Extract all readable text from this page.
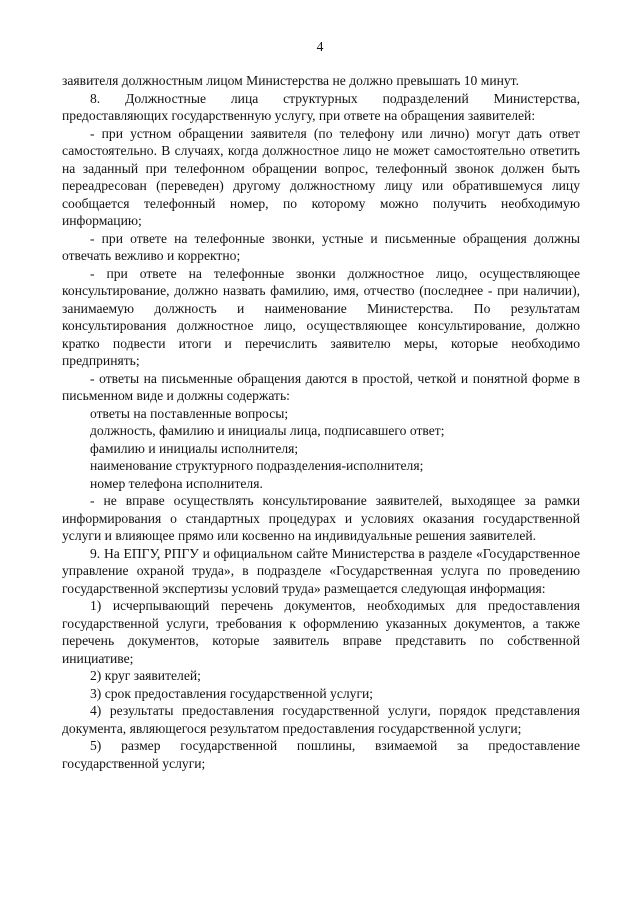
4

заявителя должностным лицом Министерства не должно превышать 10 минут.

8. Должностные лица структурных подразделений Министерства, предоставляющих государственную услугу, при ответе на обращения заявителей:

- при устном обращении заявителя (по телефону или лично) могут дать ответ самостоятельно. В случаях, когда должностное лицо не может самостоятельно ответить на заданный при телефонном обращении вопрос, телефонный звонок должен быть переадресован (переведен) другому должностному лицу или обратившемуся лицу сообщается телефонный номер, по которому можно получить необходимую информацию;

- при ответе на телефонные звонки, устные и письменные обращения должны отвечать вежливо и корректно;

- при ответе на телефонные звонки должностное лицо, осуществляющее консультирование, должно назвать фамилию, имя, отчество (последнее - при наличии), занимаемую должность и наименование Министерства. По результатам консультирования должностное лицо, осуществляющее консультирование, должно кратко подвести итоги и перечислить заявителю меры, которые необходимо предпринять;

- ответы на письменные обращения даются в простой, четкой и понятной форме в письменном виде и должны содержать:

ответы на поставленные вопросы;

должность, фамилию и инициалы лица, подписавшего ответ;

фамилию и инициалы исполнителя;

наименование структурного подразделения-исполнителя;

номер телефона исполнителя.

- не вправе осуществлять консультирование заявителей, выходящее за рамки информирования о стандартных процедурах и условиях оказания государственной услуги и влияющее прямо или косвенно на индивидуальные решения заявителей.

9. На ЕПГУ, РПГУ и официальном сайте Министерства в разделе «Государственное управление охраной труда», в подразделе «Государственная услуга по проведению государственной экспертизы условий труда» размещается следующая информация:

1) исчерпывающий перечень документов, необходимых для предоставления государственной услуги, требования к оформлению указанных документов, а также перечень документов, которые заявитель вправе представить по собственной инициативе;

2) круг заявителей;

3) срок предоставления государственной услуги;

4) результаты предоставления государственной услуги, порядок представления документа, являющегося результатом предоставления государственной услуги;

5) размер государственной пошлины, взимаемой за предоставление государственной услуги;
